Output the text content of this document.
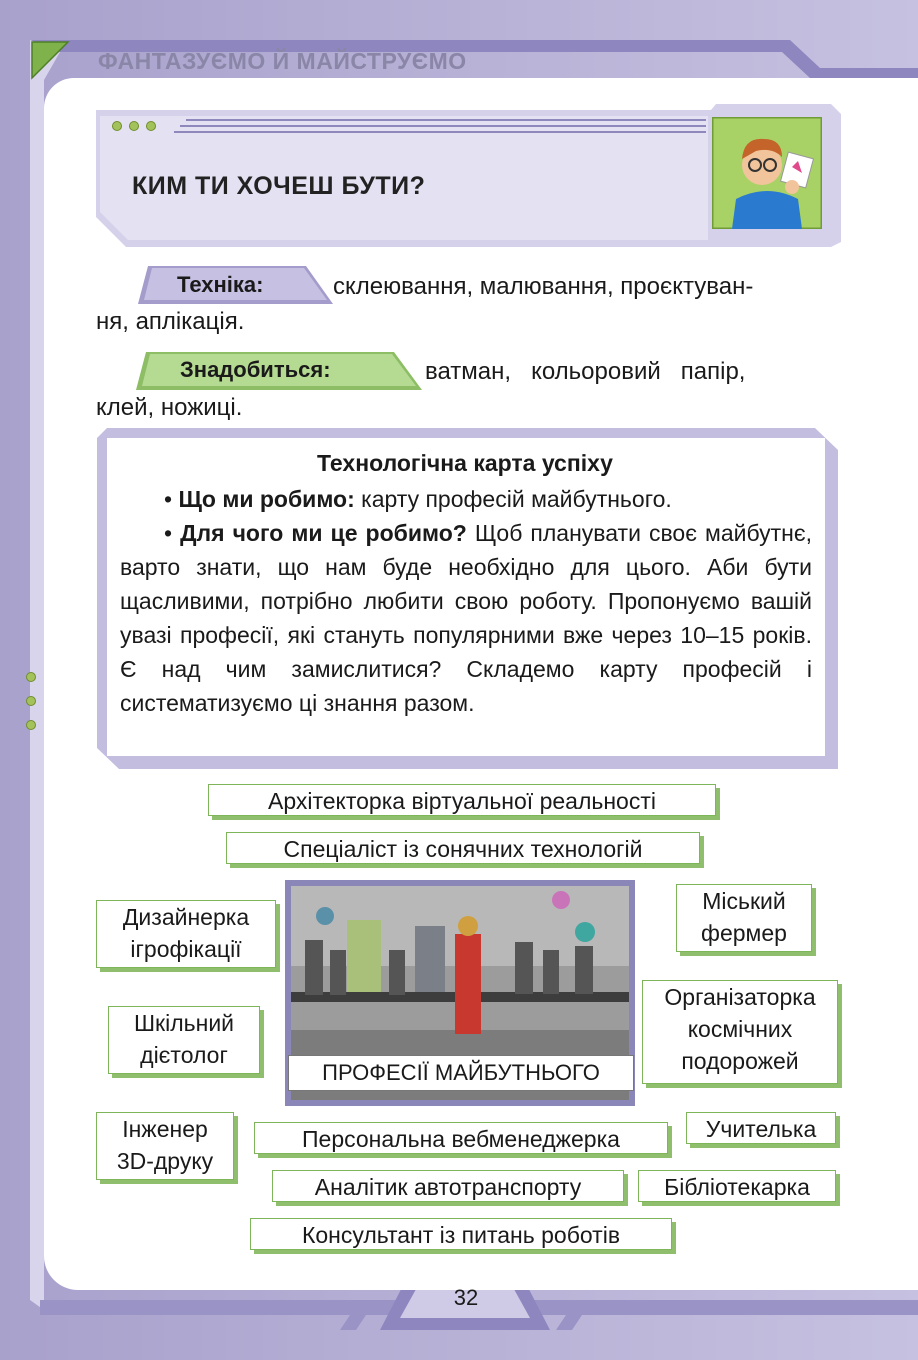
ФАНТАЗУЄМО Й МАЙСТРУЄМО
КИМ ТИ ХОЧЕШ БУТИ?
Техніка:	склеювання, малювання, проєктуван-
ня, аплікація.
Знадобиться:	ватман,   кольоровий   папір,
клей, ножиці.
Технологічна карта успіху

• Що ми робимо: карту професій майбутнього.

• Для чого ми це робимо? Щоб планувати своє майбутнє, варто знати, що нам буде необхідно для цього. Аби бути щасливими, потрібно любити свою роботу. Пропонуємо вашій увазі професії, які стануть популярними вже через 10–15 років. Є над чим замислитися? Складемо карту професій і систематизуємо ці знання разом.

Архітекторка віртуальної реальності
Спеціаліст із сонячних технологій
Дизайнерка
ігрофікації
Міський
фермер
Шкільний
дієтолог
Організаторка
космічних
подорожей
ПРОФЕСІЇ МАЙБУТНЬОГО
Інженер
3D-друку
Персональна вебменеджерка	Учителька
Аналітик автотранспорту	Бібліотекарка
Консультант із питань роботів
32
